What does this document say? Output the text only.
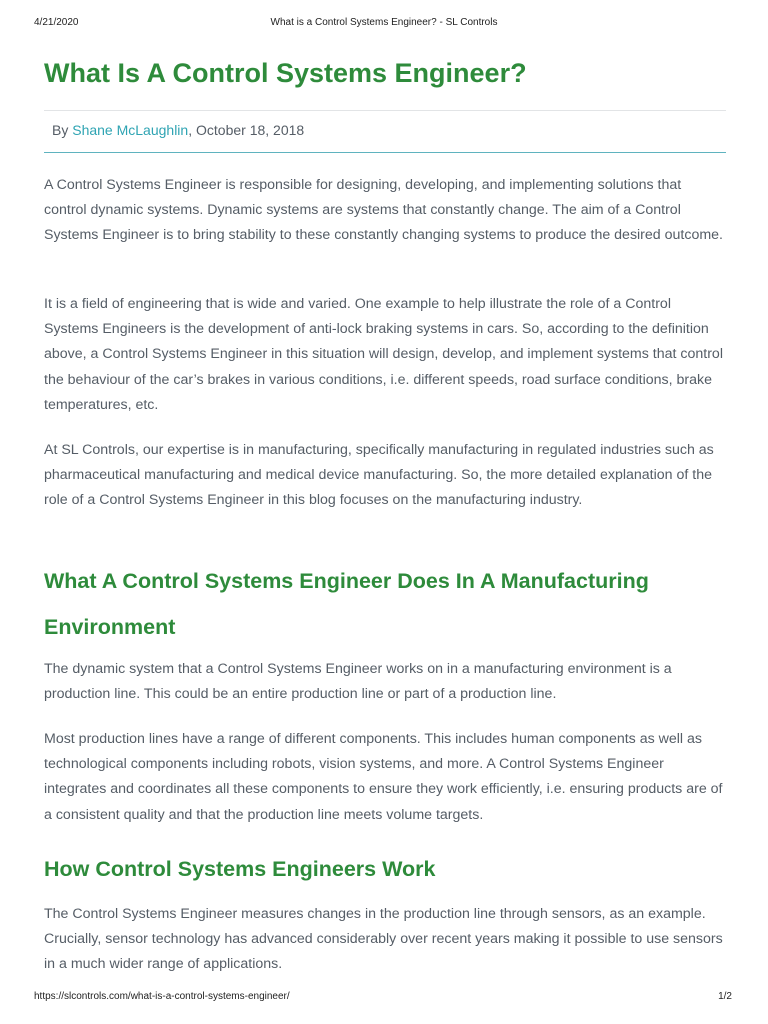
4/21/2020	What is a Control Systems Engineer? - SL Controls
What Is A Control Systems Engineer?
By Shane McLaughlin, October 18, 2018

A Control Systems Engineer is responsible for designing, developing, and implementing solutions that control dynamic systems. Dynamic systems are systems that constantly change. The aim of a Control Systems Engineer is to bring stability to these constantly changing systems to produce the desired outcome.

It is a field of engineering that is wide and varied. One example to help illustrate the role of a Control Systems Engineers is the development of anti-lock braking systems in cars. So, according to the definition above, a Control Systems Engineer in this situation will design, develop, and implement systems that control the behaviour of the car’s brakes in various conditions, i.e. different speeds, road surface conditions, brake temperatures, etc.

At SL Controls, our expertise is in manufacturing, specifically manufacturing in regulated industries such as pharmaceutical manufacturing and medical device manufacturing. So, the more detailed explanation of the role of a Control Systems Engineer in this blog focuses on the manufacturing industry.

What A Control Systems Engineer Does In A Manufacturing Environment

The dynamic system that a Control Systems Engineer works on in a manufacturing environment is a production line. This could be an entire production line or part of a production line.

Most production lines have a range of different components. This includes human components as well as technological components including robots, vision systems, and more. A Control Systems Engineer integrates and coordinates all these components to ensure they work efficiently, i.e. ensuring products are of a consistent quality and that the production line meets volume targets.

How Control Systems Engineers Work

The Control Systems Engineer measures changes in the production line through sensors, as an example. Crucially, sensor technology has advanced considerably over recent years making it possible to use sensors in a much wider range of applications.

https://slcontrols.com/what-is-a-control-systems-engineer/	1/2
